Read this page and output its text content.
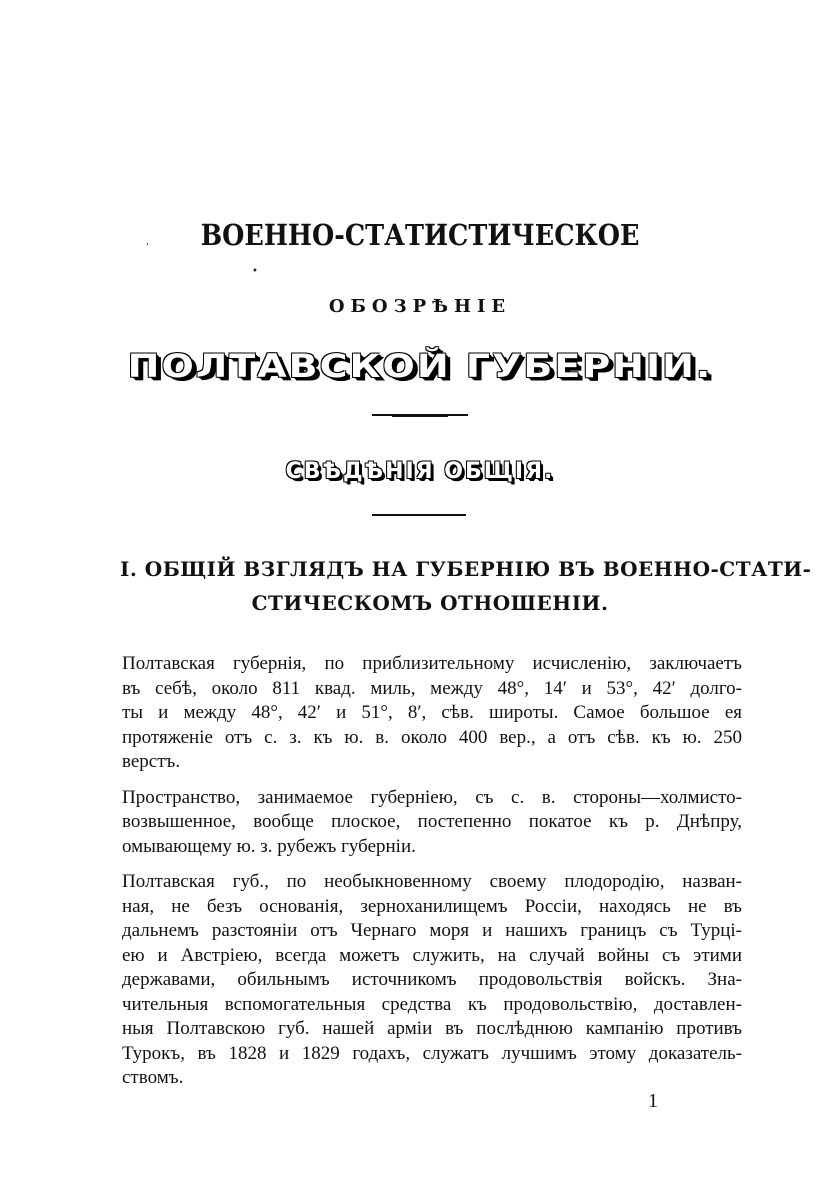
,
•
ВОЕННО-СТАТИСТИЧЕСКОЕ
ОБОЗРѢНІЕ
ПОЛТАВСКОЙ ГУБЕРНІИ.
СВѢДѢНІЯ ОБЩІЯ.
I. ОБЩІЙ ВЗГЛЯДЪ НА ГУБЕРНІЮ ВЪ ВОЕННО-СТАТИ-
СТИЧЕСКОМЪ ОТНОШЕНІИ.
Полтавская губернія, по приблизительному исчисленію, заключаетъ
въ себѣ, около 811 квад. миль, между 48°, 14′ и 53°, 42′ долго-
ты и между 48°, 42′ и 51°, 8′, сѣв. широты. Самое большое ея
протяженіе отъ с. з. къ ю. в. около 400 вер., а отъ сѣв. къ ю. 250
верстъ.
Пространство, занимаемое губерніею, съ с. в. стороны—холмисто-
возвышенное, вообще плоское, постепенно покатое къ р. Днѣпру,
омывающему ю. з. рубежъ губерніи.
Полтавская губ., по необыкновенному своему плодородію, назван-
ная, не безъ основанія, зерноханилищемъ Россіи, находясь не въ
дальнемъ разстояніи отъ Чернаго моря и нашихъ границъ съ Турці-
ею и Австріею, всегда можетъ служить, на случай войны съ этими
державами, обильнымъ источникомъ продовольствія войскъ. Зна-
чительныя вспомогательныя средства къ продовольствію, доставлен-
ныя Полтавскою губ. нашей арміи въ послѣднюю кампанію противъ
Турокъ, въ 1828 и 1829 годахъ, служатъ лучшимъ этому доказатель-
ствомъ.
1
